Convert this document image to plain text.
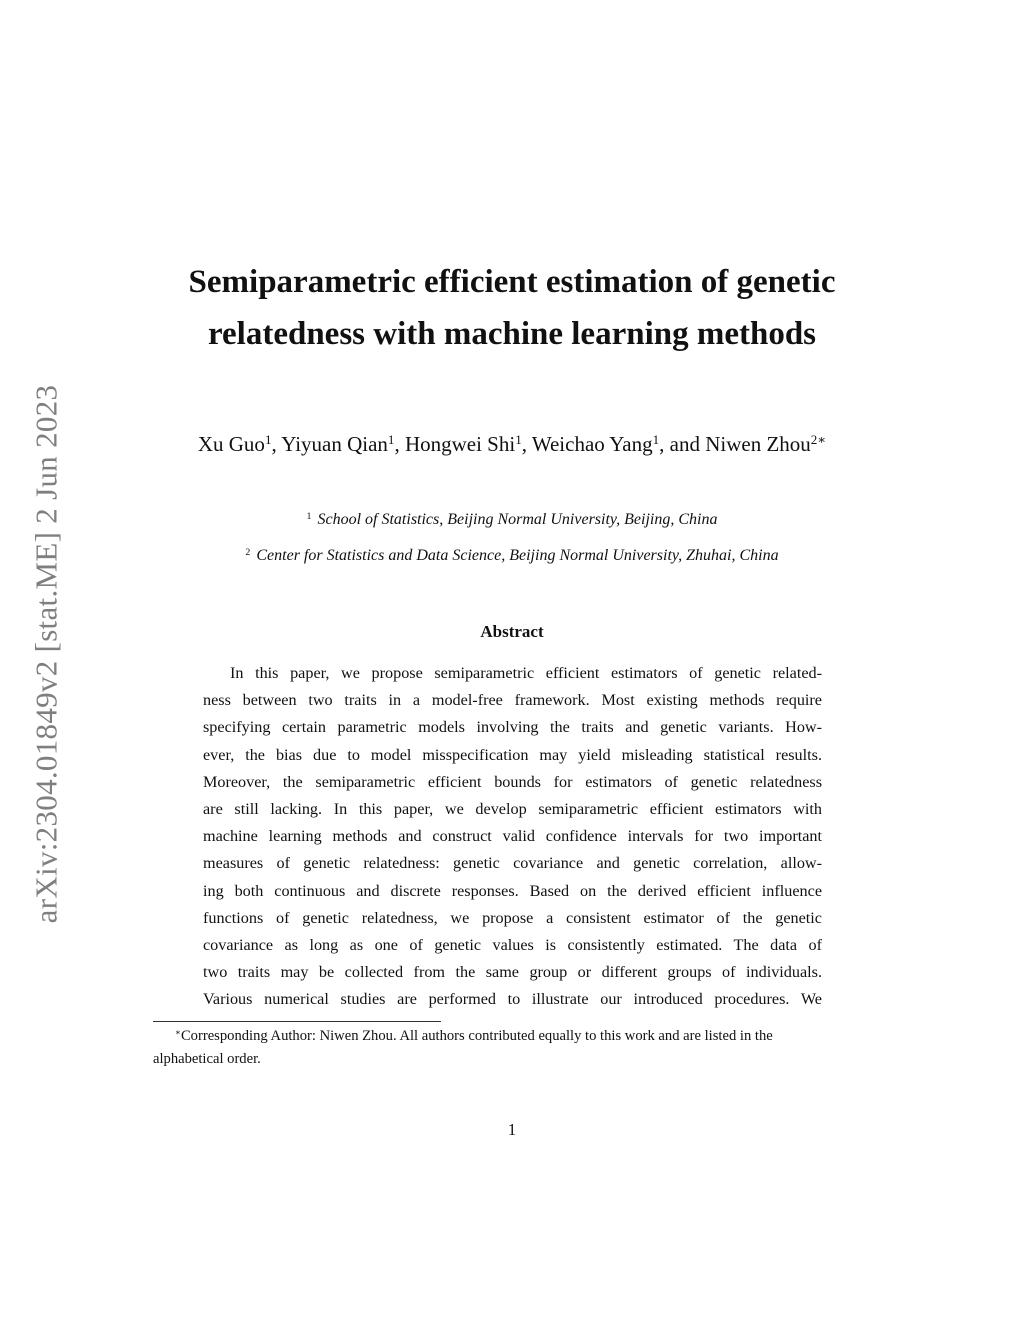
arXiv:2304.01849v2 [stat.ME] 2 Jun 2023
Semiparametric efficient estimation of genetic
relatedness with machine learning methods
Xu Guo$^1$, Yiyuan Qian$^1$, Hongwei Shi$^1$, Weichao Yang$^1$, and Niwen Zhou$^{2∗}$
$^1$ School of Statistics, Beijing Normal University, Beijing, China
$^2$ Center for Statistics and Data Science, Beijing Normal University, Zhuhai, China
Abstract
In this paper, we propose semiparametric efficient estimators of genetic related-
ness between two traits in a model-free framework. Most existing methods require
specifying certain parametric models involving the traits and genetic variants. How-
ever, the bias due to model misspecification may yield misleading statistical results.
Moreover, the semiparametric efficient bounds for estimators of genetic relatedness
are still lacking. In this paper, we develop semiparametric efficient estimators with
machine learning methods and construct valid confidence intervals for two important
measures of genetic relatedness: genetic covariance and genetic correlation, allow-
ing both continuous and discrete responses. Based on the derived efficient influence
functions of genetic relatedness, we propose a consistent estimator of the genetic
covariance as long as one of genetic values is consistently estimated. The data of
two traits may be collected from the same group or different groups of individuals.
Various numerical studies are performed to illustrate our introduced procedures. We
∗Corresponding Author: Niwen Zhou. All authors contributed equally to this work and are listed in the
alphabetical order.
1
